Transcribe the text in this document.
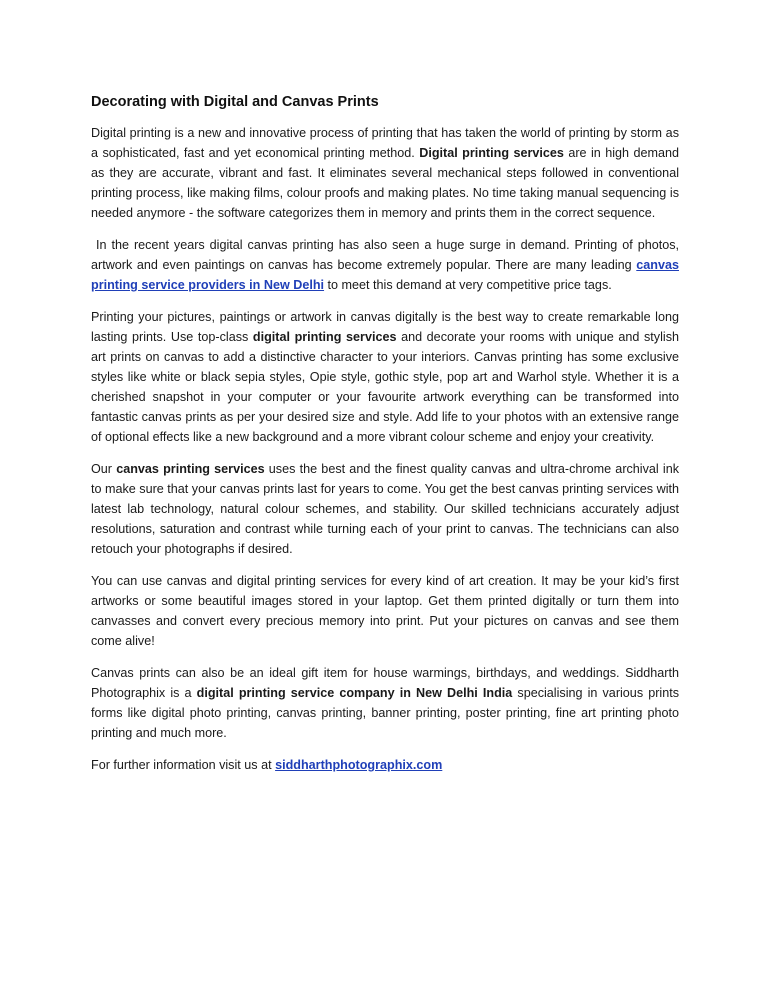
Decorating with Digital and Canvas Prints

Digital printing is a new and innovative process of printing that has taken the world of printing by storm as a sophisticated, fast and yet economical printing method. Digital printing services are in high demand as they are accurate, vibrant and fast. It eliminates several mechanical steps followed in conventional printing process, like making films, colour proofs and making plates. No time taking manual sequencing is needed anymore - the software categorizes them in memory and prints them in the correct sequence.

In the recent years digital canvas printing has also seen a huge surge in demand. Printing of photos, artwork and even paintings on canvas has become extremely popular. There are many leading canvas printing service providers in New Delhi to meet this demand at very competitive price tags.

Printing your pictures, paintings or artwork in canvas digitally is the best way to create remarkable long lasting prints. Use top-class digital printing services and decorate your rooms with unique and stylish art prints on canvas to add a distinctive character to your interiors. Canvas printing has some exclusive styles like white or black sepia styles, Opie style, gothic style, pop art and Warhol style. Whether it is a cherished snapshot in your computer or your favourite artwork everything can be transformed into fantastic canvas prints as per your desired size and style. Add life to your photos with an extensive range of optional effects like a new background and a more vibrant colour scheme and enjoy your creativity.

Our canvas printing services uses the best and the finest quality canvas and ultra-chrome archival ink to make sure that your canvas prints last for years to come. You get the best canvas printing services with latest lab technology, natural colour schemes, and stability. Our skilled technicians accurately adjust resolutions, saturation and contrast while turning each of your print to canvas. The technicians can also retouch your photographs if desired.

You can use canvas and digital printing services for every kind of art creation. It may be your kid’s first artworks or some beautiful images stored in your laptop. Get them printed digitally or turn them into canvasses and convert every precious memory into print. Put your pictures on canvas and see them come alive!

Canvas prints can also be an ideal gift item for house warmings, birthdays, and weddings. Siddharth Photographix is a digital printing service company in New Delhi India specialising in various prints forms like digital photo printing, canvas printing, banner printing, poster printing, fine art printing photo printing and much more.

For further information visit us at siddharthphotographix.com
